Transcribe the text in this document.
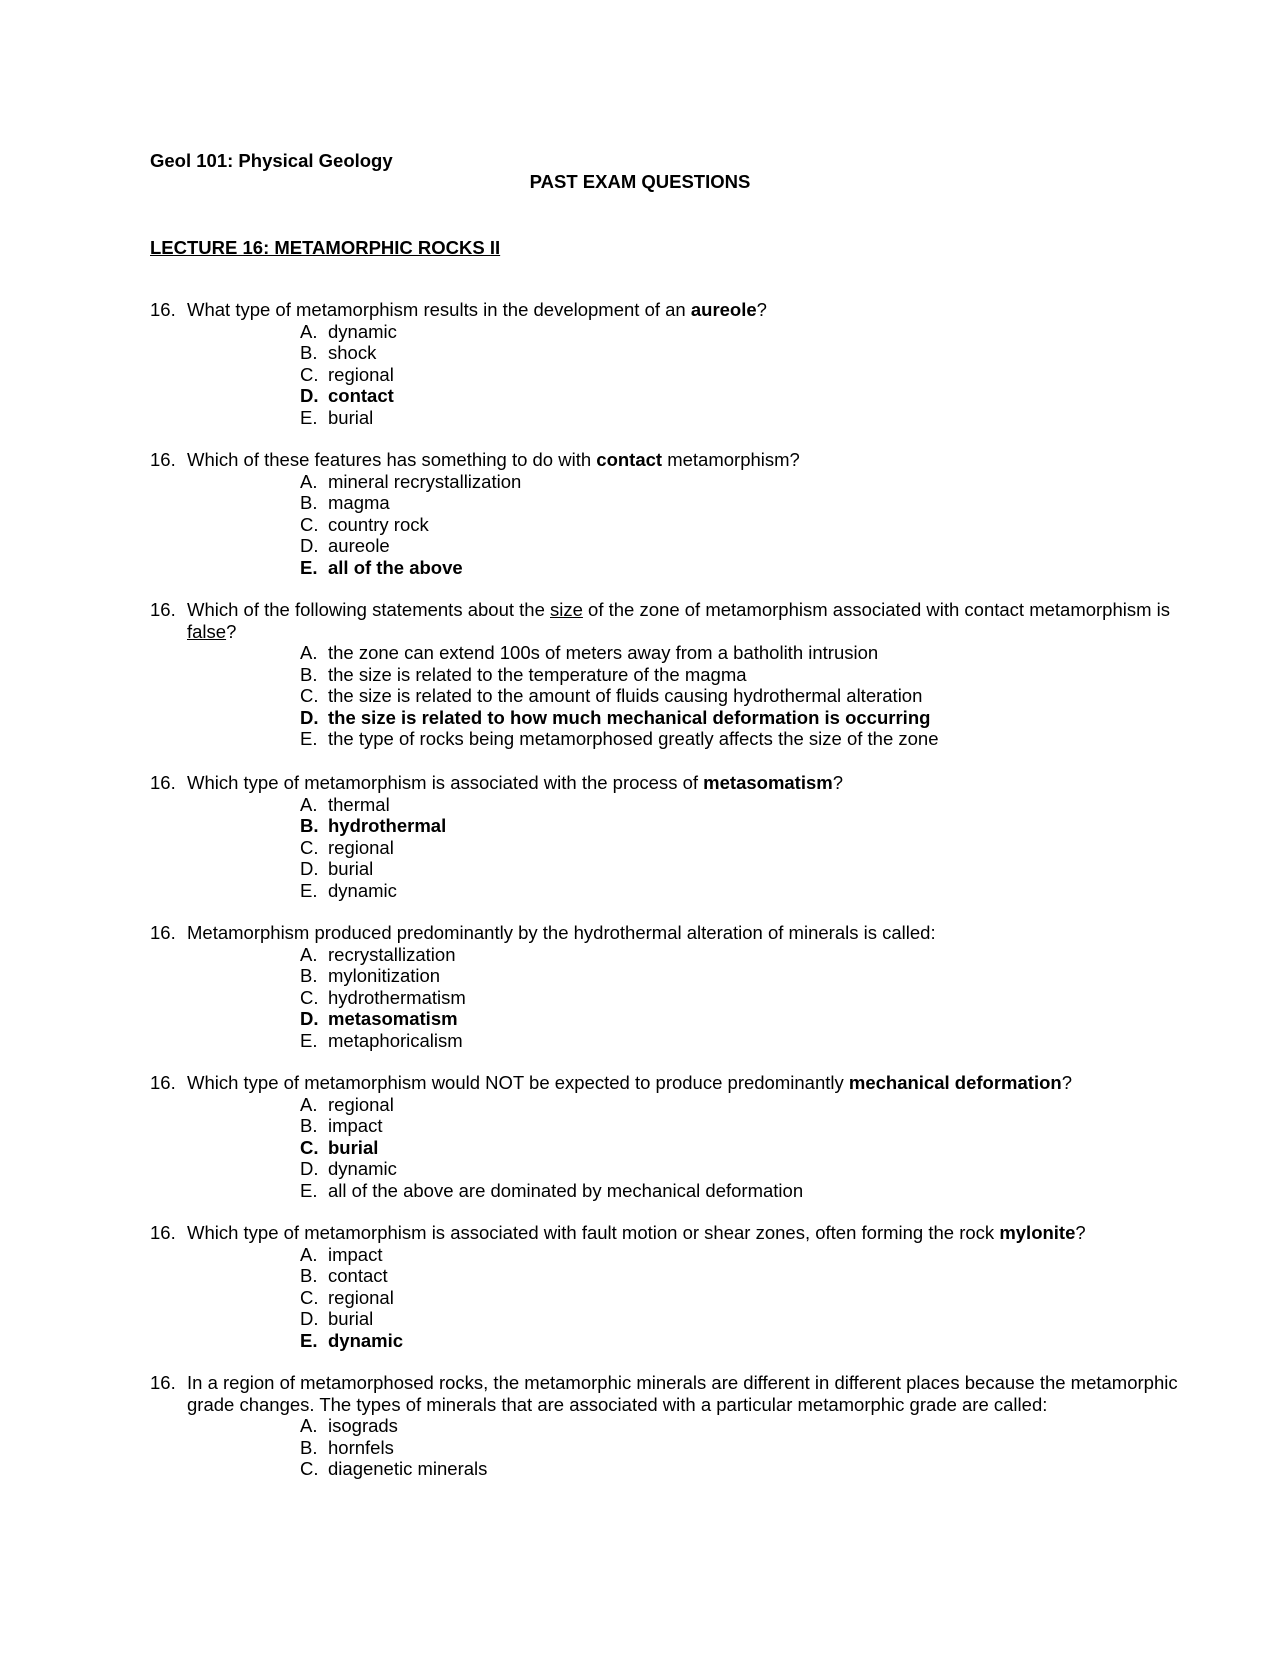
Geol 101: Physical Geology
PAST EXAM QUESTIONS
LECTURE 16: METAMORPHIC ROCKS II
16. What type of metamorphism results in the development of an aureole?
A. dynamic
B. shock
C. regional
D. contact
E. burial
16. Which of these features has something to do with contact metamorphism?
A. mineral recrystallization
B. magma
C. country rock
D. aureole
E. all of the above
16. Which of the following statements about the size of the zone of metamorphism associated with contact metamorphism is false?
A. the zone can extend 100s of meters away from a batholith intrusion
B. the size is related to the temperature of the magma
C. the size is related to the amount of fluids causing hydrothermal alteration
D. the size is related to how much mechanical deformation is occurring
E. the type of rocks being metamorphosed greatly affects the size of the zone
16. Which type of metamorphism is associated with the process of metasomatism?
A. thermal
B. hydrothermal
C. regional
D. burial
E. dynamic
16. Metamorphism produced predominantly by the hydrothermal alteration of minerals is called:
A. recrystallization
B. mylonitization
C. hydrothermatism
D. metasomatism
E. metaphoricalism
16. Which type of metamorphism would NOT be expected to produce predominantly mechanical deformation?
A. regional
B. impact
C. burial
D. dynamic
E. all of the above are dominated by mechanical deformation
16. Which type of metamorphism is associated with fault motion or shear zones, often forming the rock mylonite?
A. impact
B. contact
C. regional
D. burial
E. dynamic
16. In a region of metamorphosed rocks, the metamorphic minerals are different in different places because the metamorphic grade changes. The types of minerals that are associated with a particular metamorphic grade are called:
A. isograds
B. hornfels
C. diagenetic minerals
